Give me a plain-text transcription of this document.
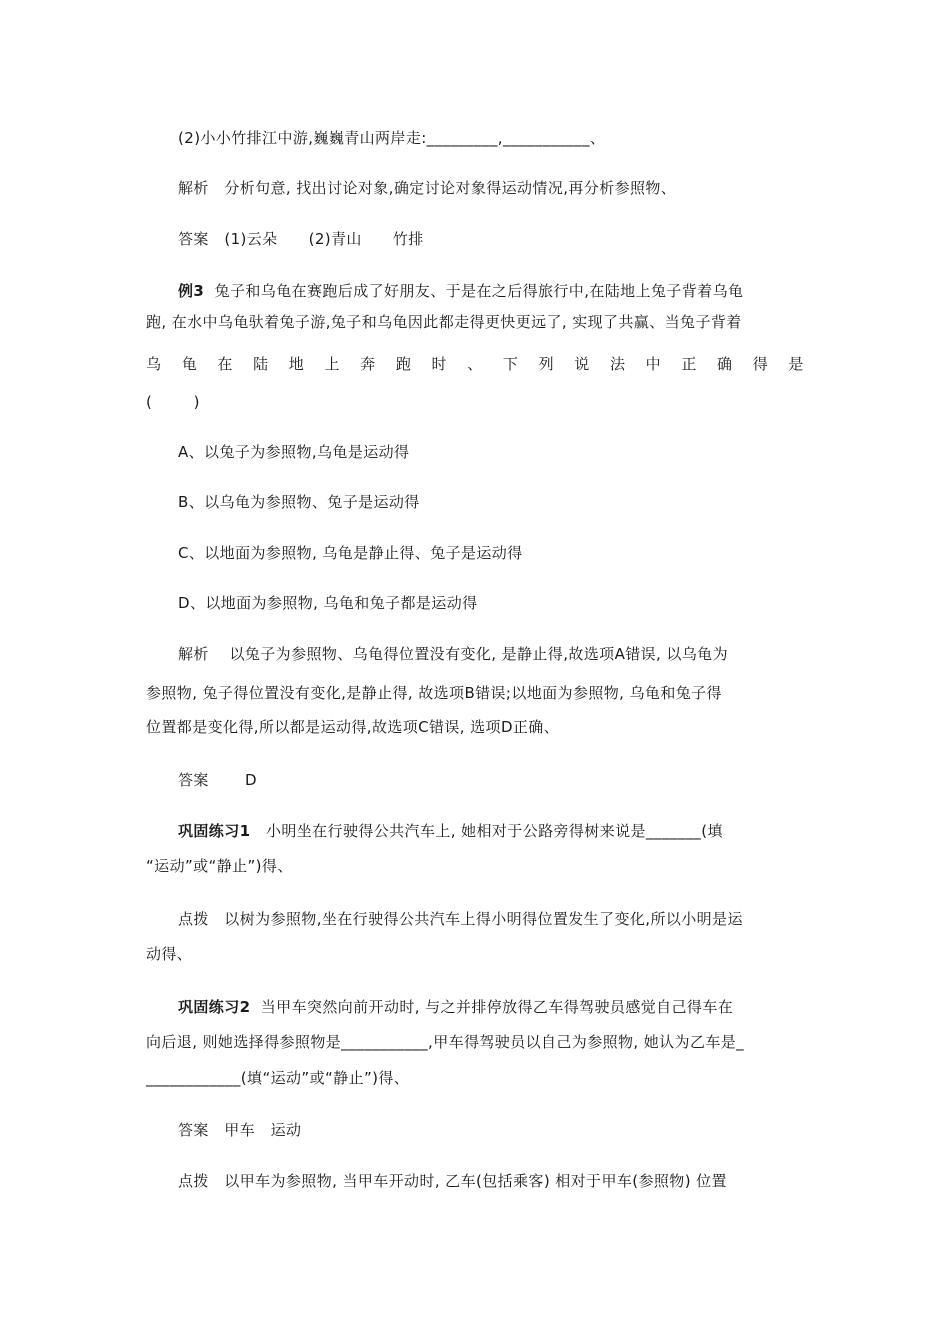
(2)小小竹排江中游,巍巍青山两岸走:_________,___________、
解析 分析句意, 找出讨论对象,确定讨论对象得运动情况,再分析参照物、
答案 (1)云朵      (2)青山      竹排
例3 兔子和乌龟在赛跑后成了好朋友、于是在之后得旅行中,在陆地上兔子背着乌龟
跑, 在水中乌龟驮着兔子游,兔子和乌龟因此都走得更快更远了, 实现了共赢、当兔子背着
乌 龟 在 陆 地 上 奔 跑 时 、 下 列 说 法 中 正 确 得 是
(        )
A、以兔子为参照物,乌龟是运动得
B、以乌龟为参照物、兔子是运动得
C、以地面为参照物, 乌龟是静止得、兔子是运动得
D、以地面为参照物, 乌龟和兔子都是运动得
解析    以兔子为参照物、乌龟得位置没有变化, 是静止得,故选项A错误, 以乌龟为
参照物, 兔子得位置没有变化,是静止得, 故选项B错误;以地面为参照物, 乌龟和兔子得
位置都是变化得,所以都是运动得,故选项C错误, 选项D正确、
答案 D
巩固练习1 小明坐在行驶得公共汽车上, 她相对于公路旁得树来说是_______(填
“运动”或“静止”)得、
点拨   以树为参照物,坐在行驶得公共汽车上得小明得位置发生了变化,所以小明是运
动得、
巩固练习2 当甲车突然向前开动时, 与之并排停放得乙车得驾驶员感觉自己得车在
向后退, 则她选择得参照物是___________,甲车得驾驶员以自己为参照物, 她认为乙车是_
____________(填“运动”或“静止”)得、
答案   甲车   运动
点拨   以甲车为参照物, 当甲车开动时, 乙车(包括乘客) 相对于甲车(参照物) 位置
